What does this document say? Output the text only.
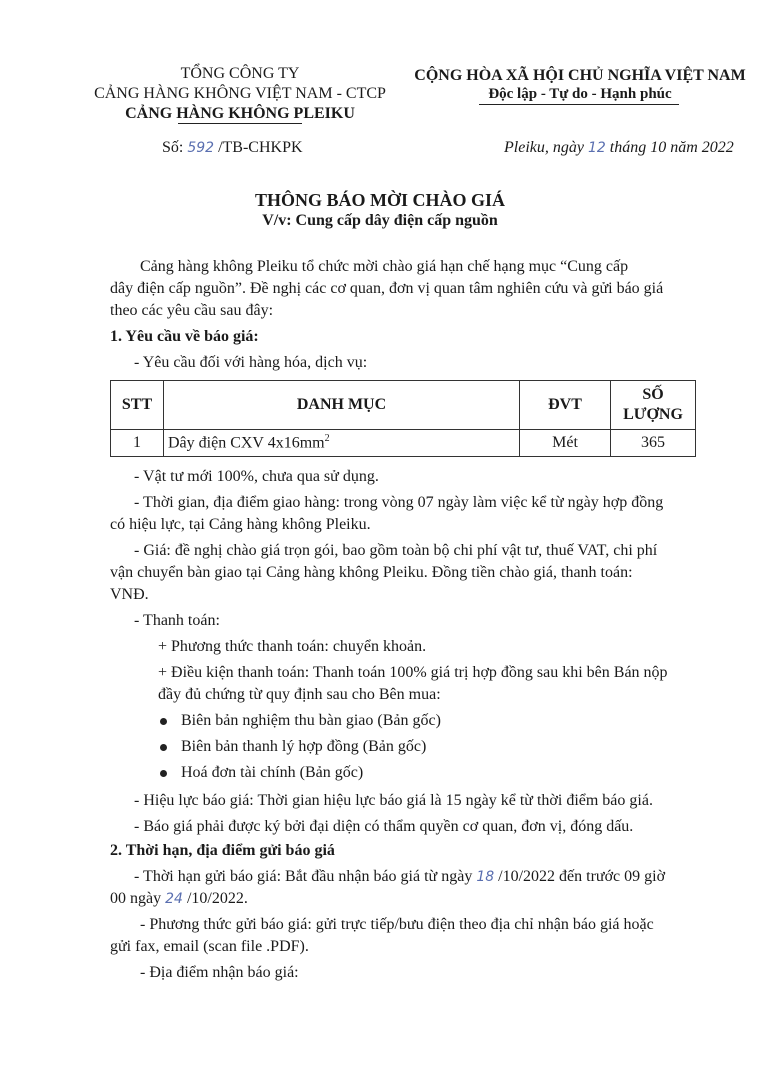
TỔNG CÔNG TY
CẢNG HÀNG KHÔNG VIỆT NAM - CTCP
CẢNG HÀNG KHÔNG PLEIKU
CỘNG HÒA XÃ HỘI CHỦ NGHĨA VIỆT NAM
Độc lập - Tự do - Hạnh phúc
Số: 592 /TB-CHKPK	Pleiku, ngày 12 tháng 10 năm 2022
THÔNG BÁO MỜI CHÀO GIÁ
V/v: Cung cấp dây điện cấp nguồn
Cảng hàng không Pleiku tổ chức mời chào giá hạn chế hạng mục “Cung cấp
dây điện cấp nguồn”. Đề nghị các cơ quan, đơn vị quan tâm nghiên cứu và gửi báo giá
theo các yêu cầu sau đây:
1. Yêu cầu về báo giá:
- Yêu cầu đối với hàng hóa, dịch vụ:
STT	DANH MỤC	ĐVT	SỐ LƯỢNG
1	Dây điện CXV $4x16mm^2$	Mét	365
- Vật tư mới 100%, chưa qua sử dụng.
- Thời gian, địa điểm giao hàng: trong vòng 07 ngày làm việc kể từ ngày hợp đồng
có hiệu lực, tại Cảng hàng không Pleiku.
- Giá: đề nghị chào giá trọn gói, bao gồm toàn bộ chi phí vật tư, thuế VAT, chi phí
vận chuyển bàn giao tại Cảng hàng không Pleiku. Đồng tiền chào giá, thanh toán:
VNĐ.
- Thanh toán:
+ Phương thức thanh toán: chuyển khoản.
+ Điều kiện thanh toán: Thanh toán 100% giá trị hợp đồng sau khi bên Bán nộp
đầy đủ chứng từ quy định sau cho Bên mua:
Biên bản nghiệm thu bàn giao (Bản gốc)
Biên bản thanh lý hợp đồng (Bản gốc)
Hoá đơn tài chính (Bản gốc)
- Hiệu lực báo giá: Thời gian hiệu lực báo giá là 15 ngày kể từ thời điểm báo giá.
- Báo giá phải được ký bởi đại diện có thẩm quyền cơ quan, đơn vị, đóng dấu.
2. Thời hạn, địa điểm gửi báo giá
- Thời hạn gửi báo giá: Bắt đầu nhận báo giá từ ngày 18 /10/2022 đến trước 09 giờ
00 ngày 24 /10/2022.
- Phương thức gửi báo giá: gửi trực tiếp/bưu điện theo địa chỉ nhận báo giá hoặc
gửi fax, email (scan file .PDF).
- Địa điểm nhận báo giá:
